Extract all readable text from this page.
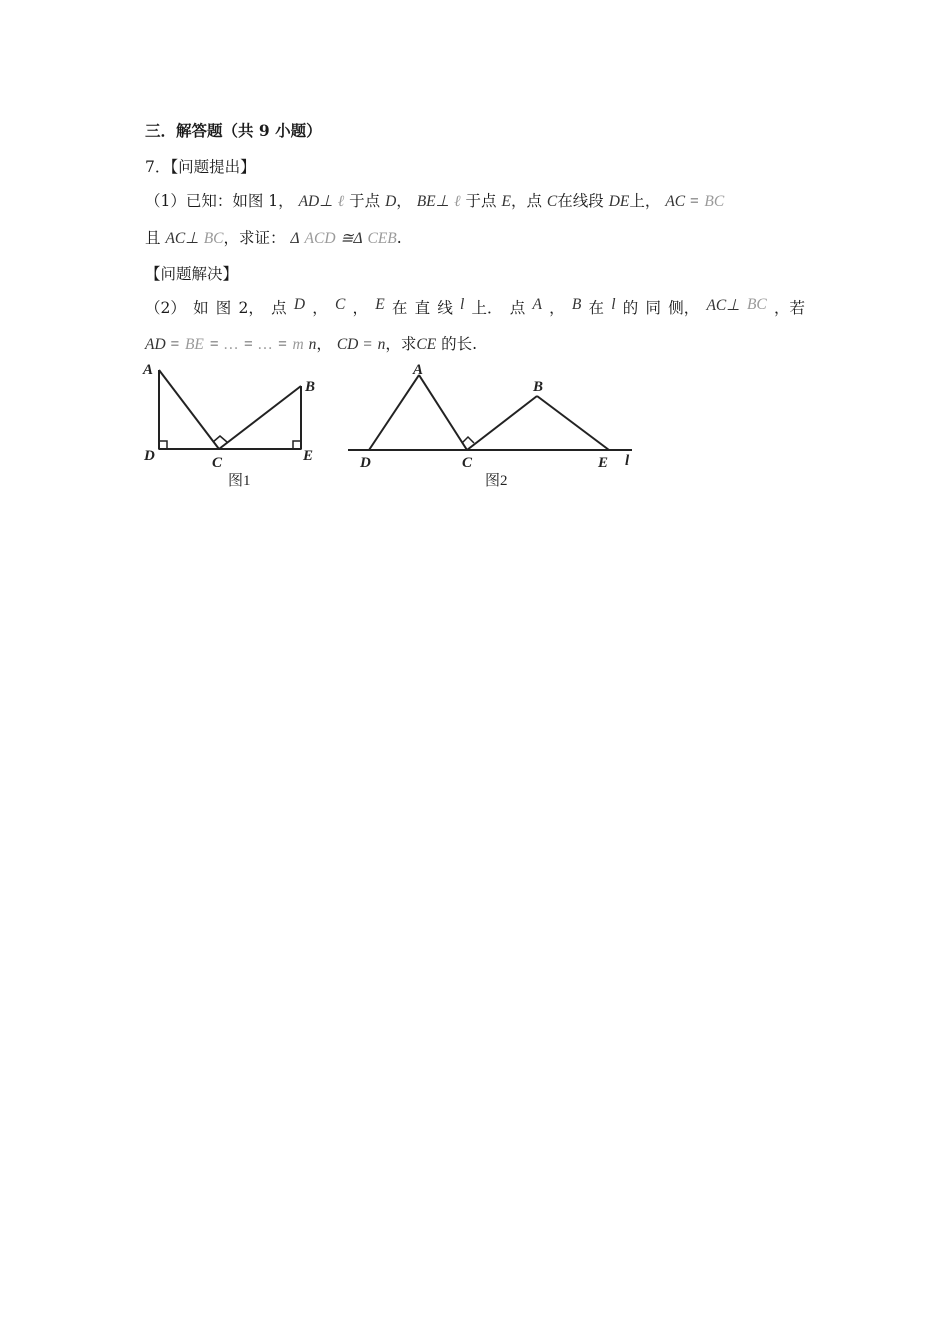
三．解答题（共 9 小题）
7．【问题提出】
（1）已知：如图 1， AD⊥ ℓ 于点 D， BE⊥ ℓ 于点 E，点 C在线段 DE上， AC = BC
且 AC⊥ BC，求证： Δ ACD ≅Δ CEB.
【问题解决】
（2） 如 图 2， 点 D ， C ， E 在 直 线 l 上． 点 A ， B 在 l 的 同 侧， AC⊥ BC ，若
AD = BE = … = … = m n， CD = n，求CE 的长.
A
B
D	C	E
图1
A
B
D	C	E l
图2
